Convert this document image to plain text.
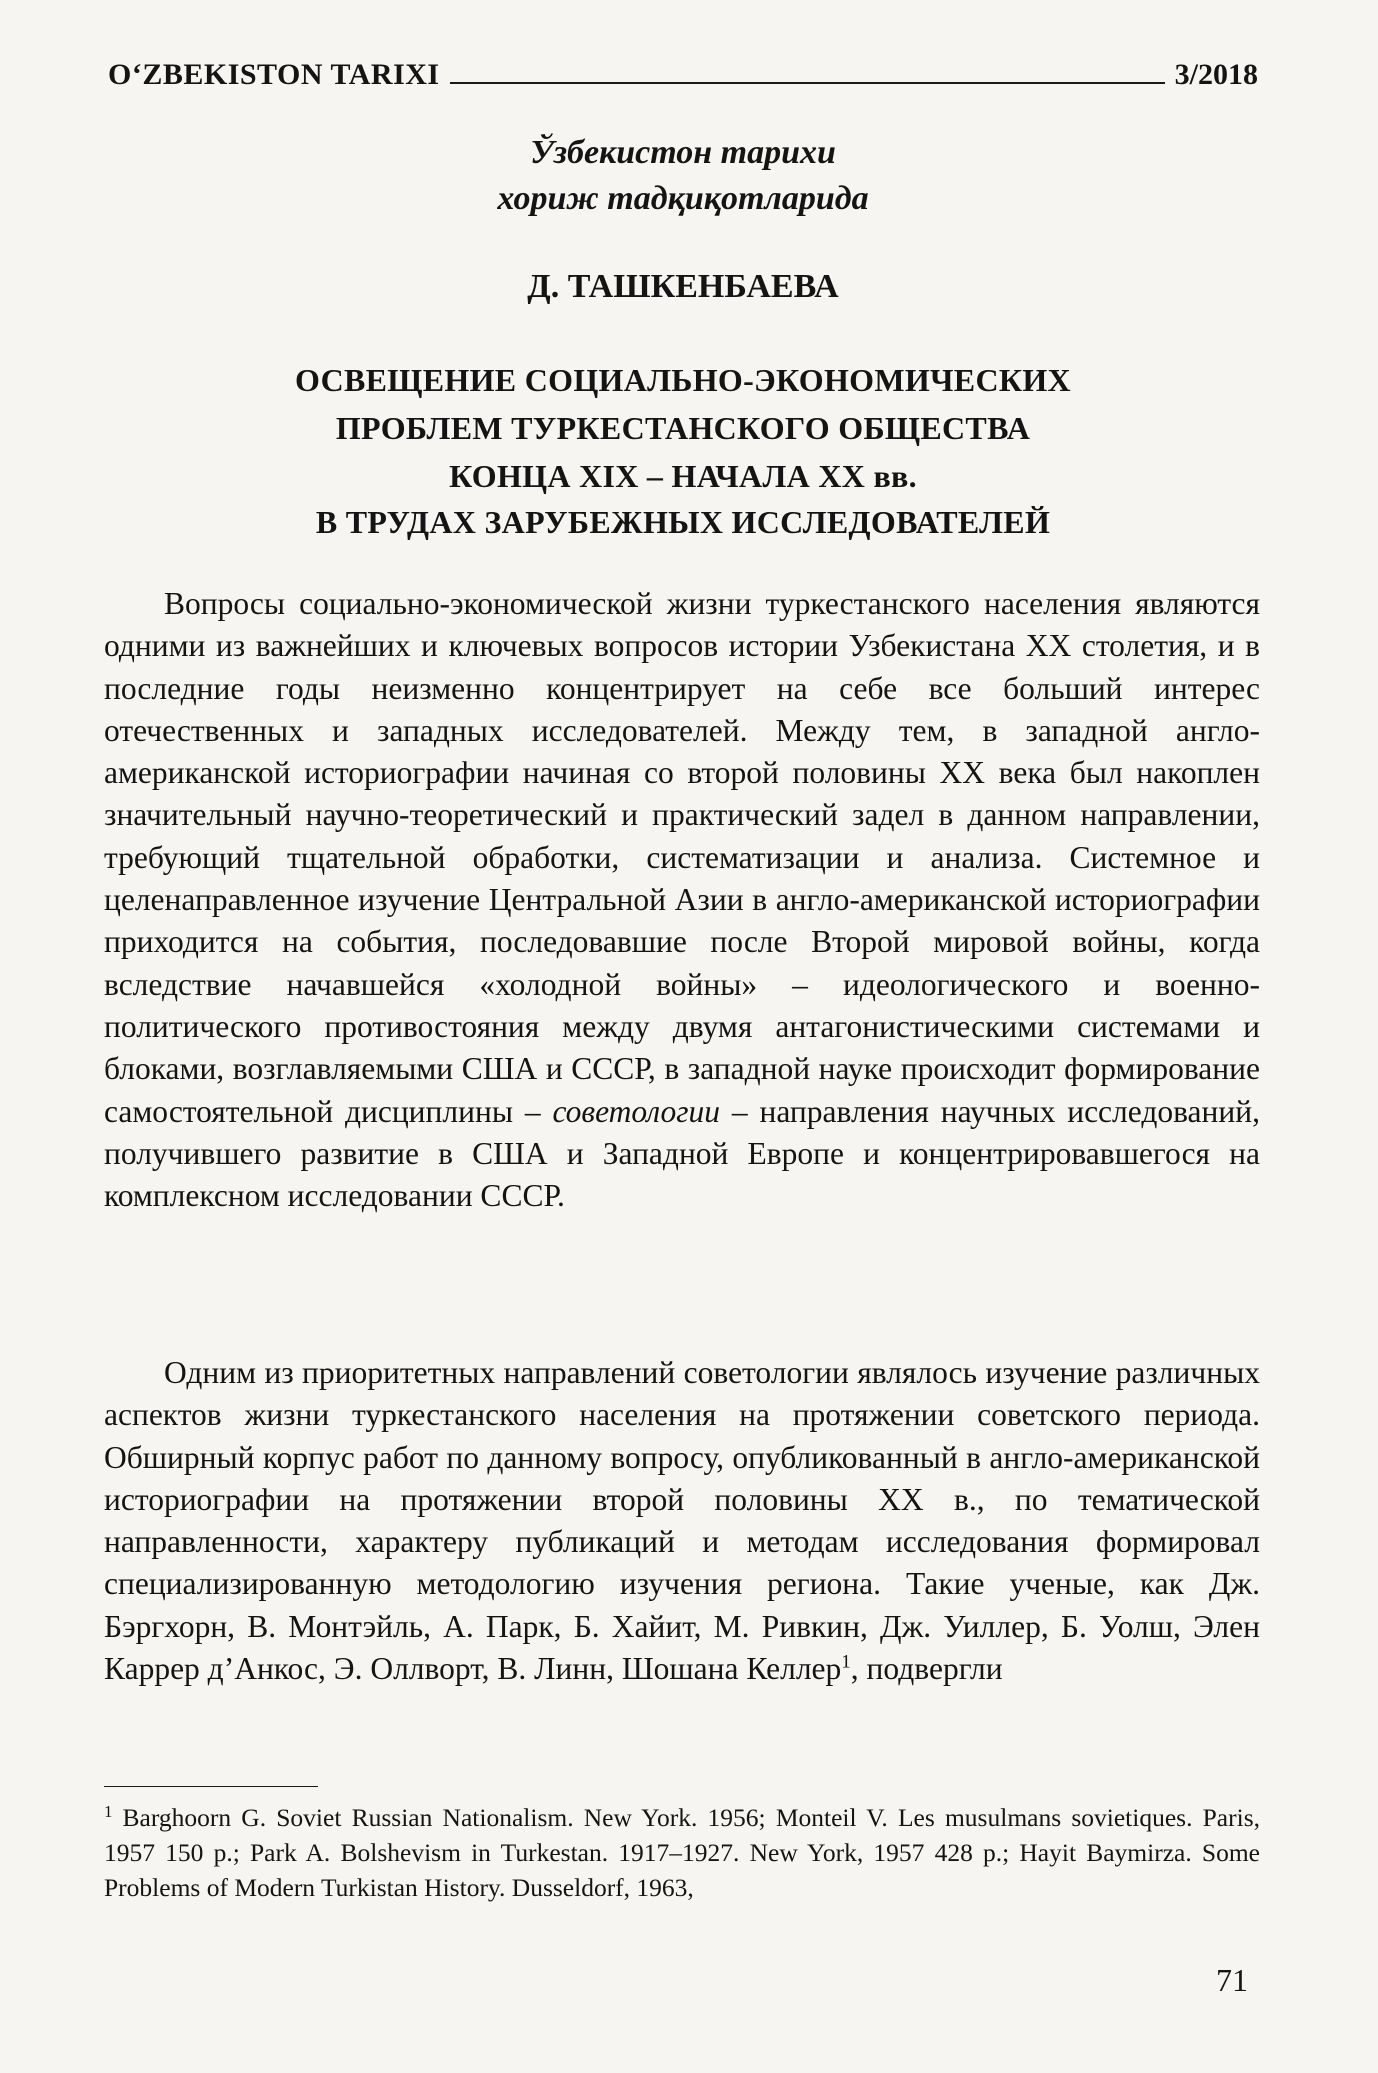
O‘ZBEKISTON TARIXI	3/2018
Ўзбекистон тарихи
хориж тадқиқотларида
Д. ТАШКЕНБАЕВА
ОСВЕЩЕНИЕ СОЦИАЛЬНО-ЭКОНОМИЧЕСКИХ
ПРОБЛЕМ ТУРКЕСТАНСКОГО ОБЩЕСТВА
КОНЦА XIX – НАЧАЛА XX вв.
В ТРУДАХ ЗАРУБЕЖНЫХ ИССЛЕДОВАТЕЛЕЙ

Вопросы социально-экономической жизни туркестанского населения являются одними из важнейших и ключевых вопросов истории Узбекистана XX столетия, и в последние годы неизменно концентрирует на себе все больший интерес отечественных и западных исследователей. Между тем, в западной англо-американской историографии начиная со второй половины XX века был накоплен значительный научно-теоретический и практический задел в данном направлении, требующий тщательной обработки, систематизации и анализа. Системное и целенаправленное изучение Центральной Азии в англо-американской историографии приходится на события, последовавшие после Второй мировой войны, когда вследствие начавшейся «холодной войны» – идеологического и военно-политического противостояния между двумя антагонистическими системами и блоками, возглавляемыми США и СССР, в западной науке происходит формирование самостоятельной дисциплины – советологии – направления научных исследований, получившего развитие в США и Западной Европе и концентрировавшегося на комплексном исследовании СССР.

Одним из приоритетных направлений советологии являлось изучение различных аспектов жизни туркестанского населения на протяжении советского периода. Обширный корпус работ по данному вопросу, опубликованный в англо-американской историографии на протяжении второй половины XX в., по тематической направленности, характеру публикаций и методам исследования формировал специализированную методологию изучения региона. Такие ученые, как Дж. Бэргхорн, В. Монтэйль, А. Парк, Б. Хайит, М. Ривкин, Дж. Уиллер, Б. Уолш, Элен Каррер д’Анкос, Э. Оллворт, В. Линн, Шошана Келлер$^1$, подвергли

$^1$ Barghoorn G. Soviet Russian Nationalism. New York. 1956; Monteil V. Les musulmans sovietiques. Paris, 1957 150 p.; Park A. Bolshevism in Turkestan. 1917–1927. New York, 1957 428 p.; Hayit Baymirza. Some Problems of Modern Turkistan History. Dusseldorf, 1963,
71
